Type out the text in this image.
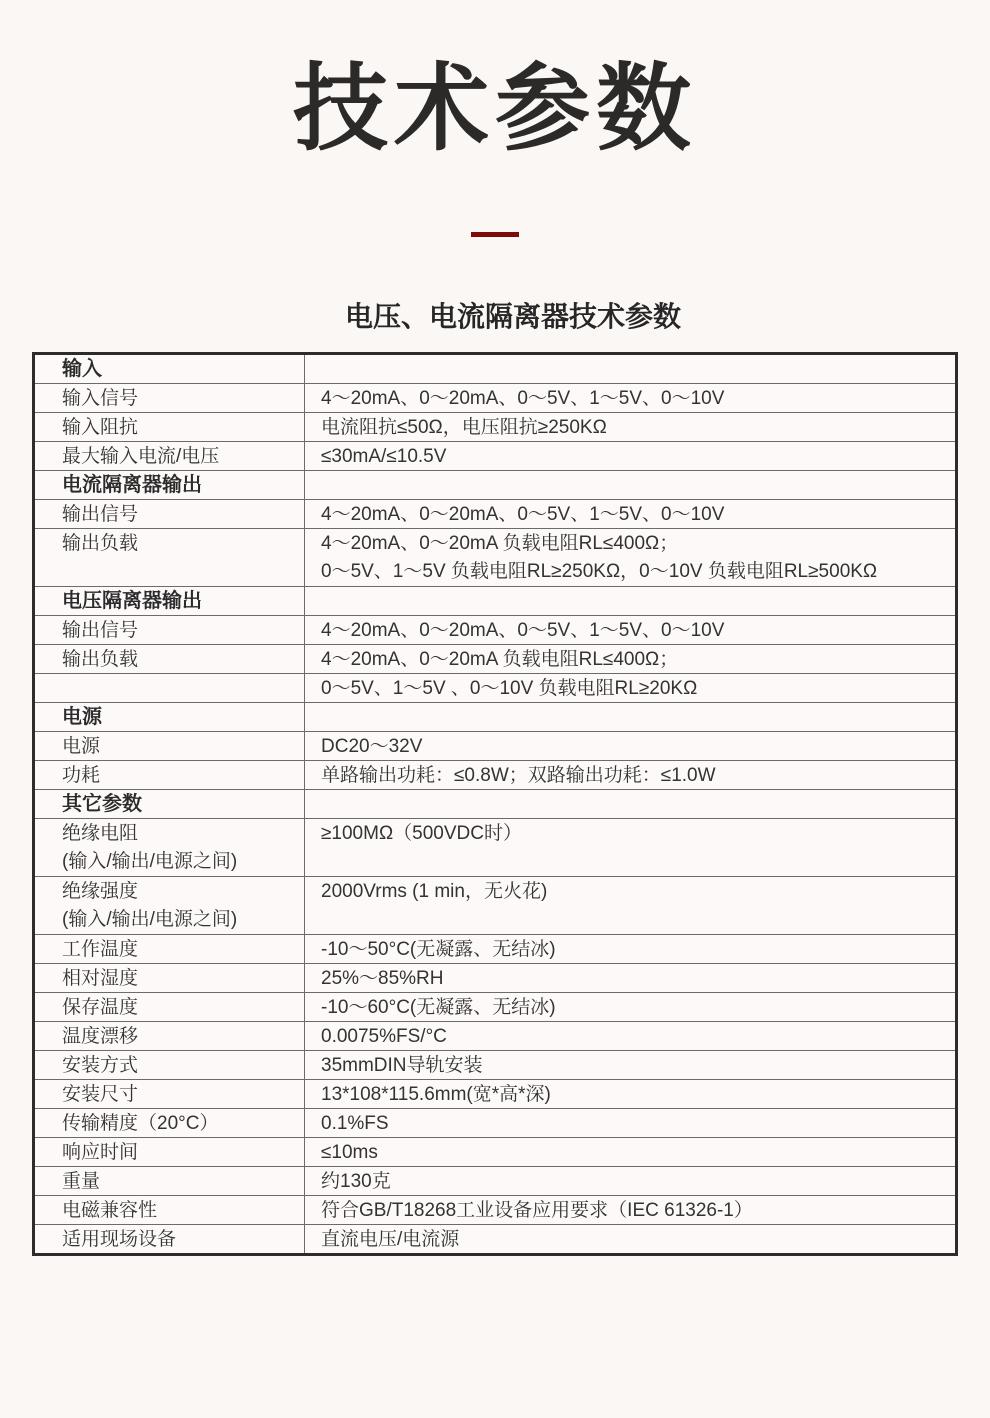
技术参数
电压、电流隔离器技术参数
输入	
输入信号	4～20mA、0～20mA、0～5V、1～5V、0～10V
输入阻抗	电流阻抗≤50Ω，电压阻抗≥250KΩ
最大输入电流/电压	≤30mA/≤10.5V
电流隔离器输出	
输出信号	4～20mA、0～20mA、0～5V、1～5V、0～10V
输出负载	4～20mA、0～20mA 负载电阻RL≤400Ω；
0～5V、1～5V 负载电阻RL≥250KΩ，0～10V 负载电阻RL≥500KΩ

电压隔离器输出	
输出信号	4～20mA、0～20mA、0～5V、1～5V、0～10V
输出负载	4～20mA、0～20mA 负载电阻RL≤400Ω；
	0～5V、1～5V 、0～10V 负载电阻RL≥20KΩ
电源	
电源	DC20～32V
功耗	单路输出功耗：≤0.8W；双路输出功耗：≤1.0W
其它参数	

绝缘电阻
(输入/输出/电源之间)	≥100MΩ（500VDC时）

绝缘强度
(输入/输出/电源之间)	2000Vrms (1 min，无火花)
工作温度	-10～50°C(无凝露、无结冰)
相对湿度	25%～85%RH
保存温度	-10～60°C(无凝露、无结冰)
温度漂移	0.0075%FS/°C
安装方式	35mmDIN导轨安装
安装尺寸	13*108*115.6mm(宽*高*深)
传输精度（20°C）	0.1%FS
响应时间	≤10ms
重量	约130克
电磁兼容性	符合GB/T18268工业设备应用要求（IEC 61326-1）
适用现场设备	直流电压/电流源
